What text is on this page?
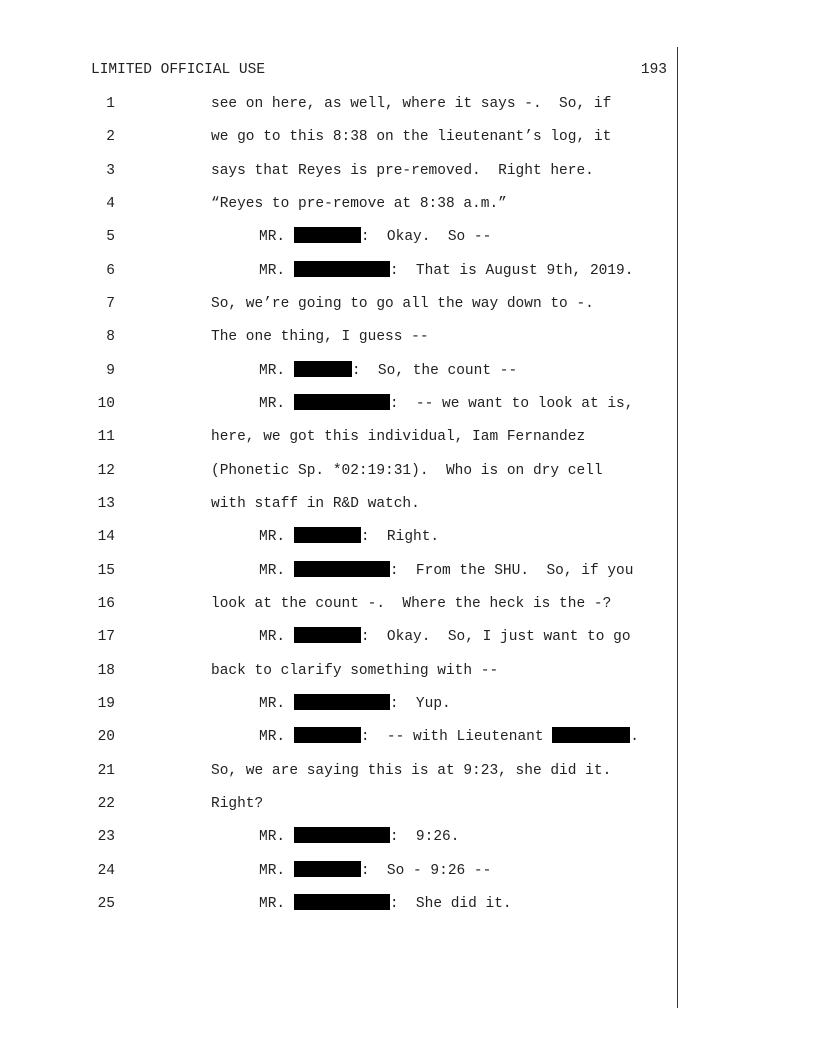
LIMITED OFFICIAL USE	193
1	see on here, as well, where it says -.  So, if
2	we go to this 8:38 on the lieutenant’s log, it
3	says that Reyes is pre-removed.  Right here.
4	“Reyes to pre-remove at 8:38 a.m.”
5	MR.	:  Okay.  So --
6	MR.	:  That is August 9th, 2019.
7	So, we’re going to go all the way down to -.
8	The one thing, I guess --
9	MR.	:  So, the count --
10	MR.	:  -- we want to look at is,
11	here, we got this individual, Iam Fernandez
12	(Phonetic Sp. *02:19:31).  Who is on dry cell
13	with staff in R&D watch.
14	MR.	:  Right.
15	MR.	:  From the SHU.  So, if you
16	look at the count -.  Where the heck is the -?
17	MR.	:  Okay.  So, I just want to go
18	back to clarify something with --
19	MR.	:  Yup.
20	MR.	:  -- with Lieutenant	.
21	So, we are saying this is at 9:23, she did it.
22	Right?
23	MR.	:  9:26.
24	MR.	:  So - 9:26 --
25	MR.	:  She did it.
